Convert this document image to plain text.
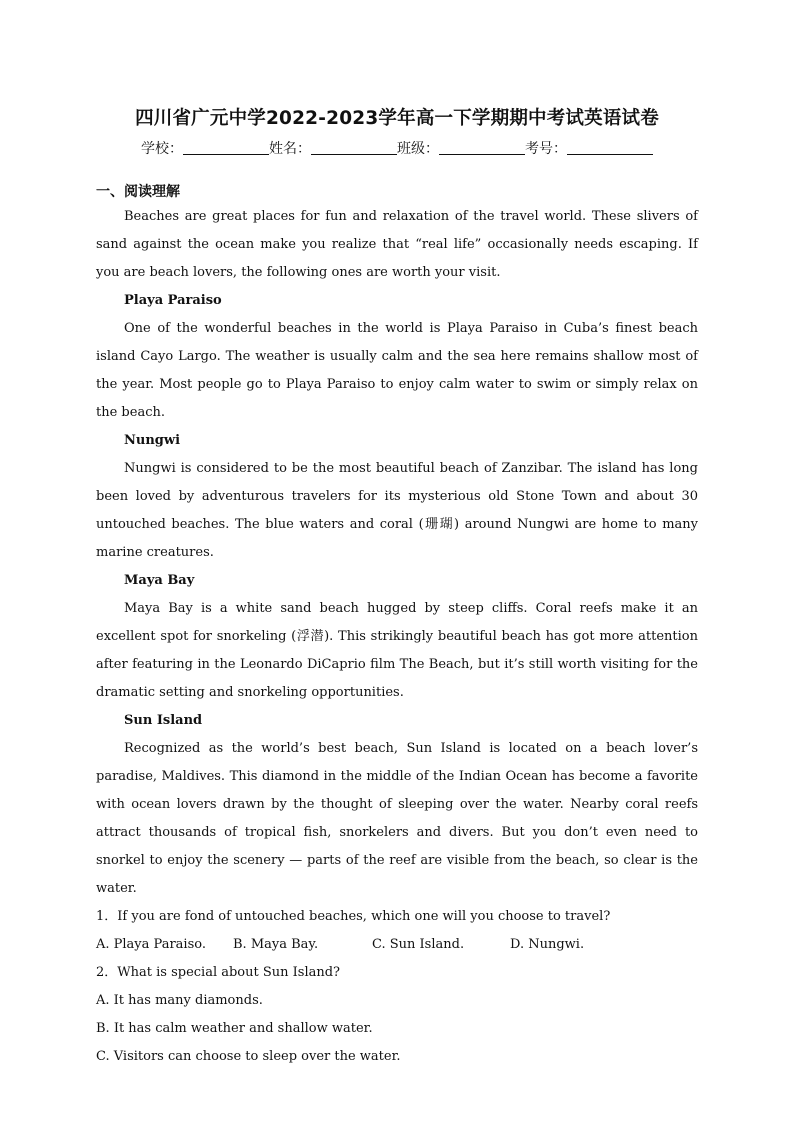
四川省广元中学2022-2023学年高一下学期期中考试英语试卷
学校：	姓名：	班级：	考号：

一、阅读理解

Beaches are great places for fun and relaxation of the travel world. These slivers of sand against the ocean make you realize that “real life” occasionally needs escaping. If you are beach lovers, the following ones are worth your visit.

Playa Paraiso

One of the wonderful beaches in the world is Playa Paraiso in Cuba’s finest beach island Cayo Largo. The weather is usually calm and the sea here remains shallow most of the year. Most people go to Playa Paraiso to enjoy calm water to swim or simply relax on the beach.

Nungwi

Nungwi is considered to be the most beautiful beach of Zanzibar. The island has long been loved by adventurous travelers for its mysterious old Stone Town and about 30 untouched beaches. The blue waters and coral (珊瑚) around Nungwi are home to many marine creatures.

Maya Bay

Maya Bay is a white sand beach hugged by steep cliffs. Coral reefs make it an excellent spot for snorkeling (浮潜). This strikingly beautiful beach has got more attention after featuring in the Leonardo DiCaprio film The Beach, but it’s still worth visiting for the dramatic setting and snorkeling opportunities.

Sun Island

Recognized as the world’s best beach, Sun Island is located on a beach lover’s paradise, Maldives. This diamond in the middle of the Indian Ocean has become a favorite with ocean lovers drawn by the thought of sleeping over the water. Nearby coral reefs attract thousands of tropical fish, snorkelers and divers. But you don’t even need to snorkel to enjoy the scenery — parts of the reef are visible from the beach, so clear is the water.

1．If you are fond of untouched beaches, which one will you choose to travel?

A. Playa Paraiso.	B. Maya Bay.	C. Sun Island.	D. Nungwi.

2．What is special about Sun Island?

A. It has many diamonds.

B. It has calm weather and shallow water.

C. Visitors can choose to sleep over the water.
